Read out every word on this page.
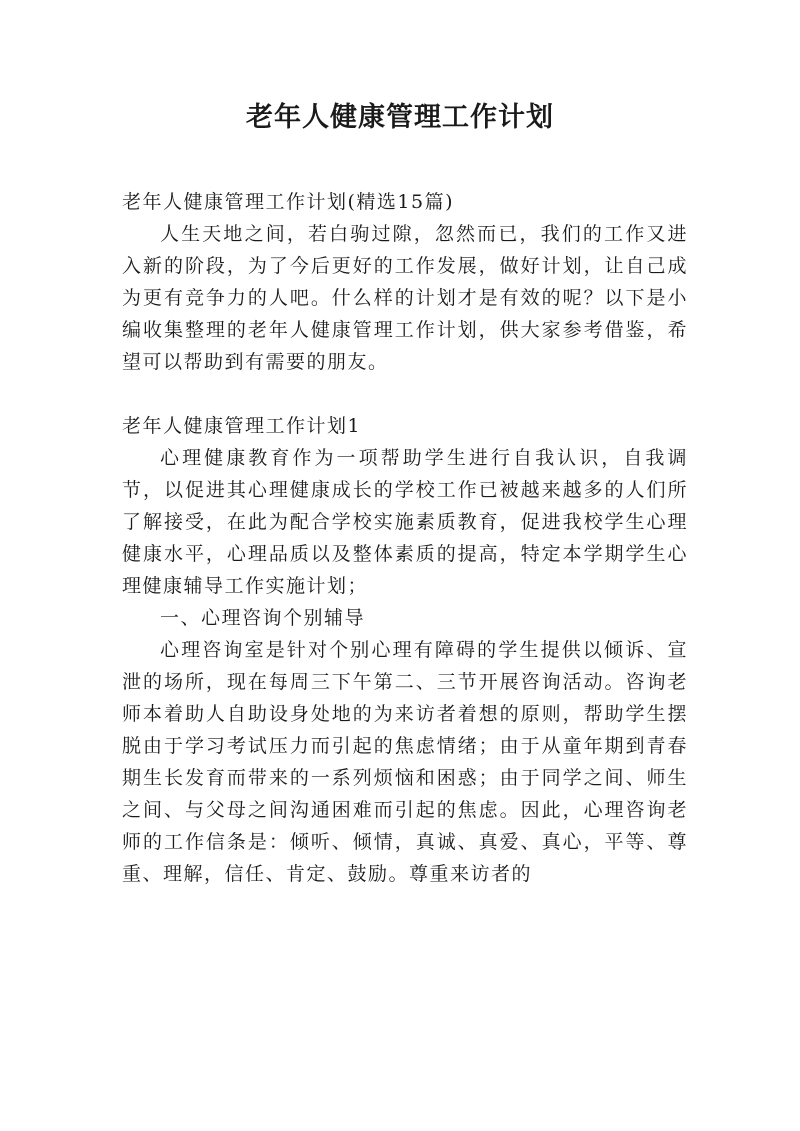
老年人健康管理工作计划

老年人健康管理工作计划(精选15篇)

人生天地之间，若白驹过隙，忽然而已，我们的工作又进入新的阶段，为了今后更好的工作发展，做好计划，让自己成为更有竞争力的人吧。什么样的计划才是有效的呢？以下是小编收集整理的老年人健康管理工作计划，供大家参考借鉴，希望可以帮助到有需要的朋友。

老年人健康管理工作计划1

心理健康教育作为一项帮助学生进行自我认识，自我调节，以促进其心理健康成长的学校工作已被越来越多的人们所了解接受，在此为配合学校实施素质教育，促进我校学生心理健康水平，心理品质以及整体素质的提高，特定本学期学生心理健康辅导工作实施计划；

一、心理咨询个别辅导

心理咨询室是针对个别心理有障碍的学生提供以倾诉、宣泄的场所，现在每周三下午第二、三节开展咨询活动。咨询老师本着助人自助设身处地的为来访者着想的原则，帮助学生摆脱由于学习考试压力而引起的焦虑情绪；由于从童年期到青春期生长发育而带来的一系列烦恼和困惑；由于同学之间、师生之间、与父母之间沟通困难而引起的焦虑。因此，心理咨询老师的工作信条是：倾听、倾情，真诚、真爱、真心，平等、尊重、理解，信任、肯定、鼓励。尊重来访者的
